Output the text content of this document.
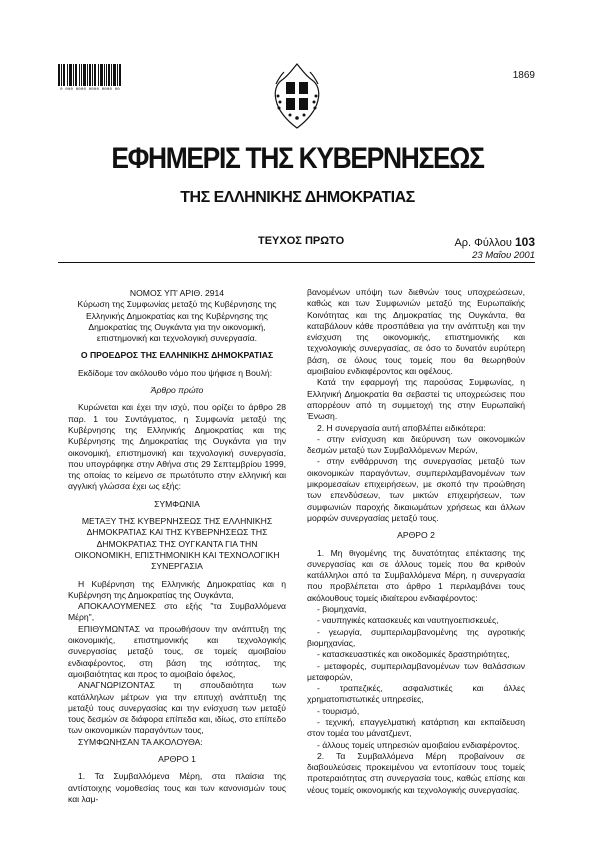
0 000 0000 0000 0000 00
1869
ΕΦΗΜΕΡΙΣ ΤΗΣ ΚΥΒΕΡΝΗΣΕΩΣ
ΤΗΣ ΕΛΛΗΝΙΚΗΣ ΔΗΜΟΚΡΑΤΙΑΣ
ΤΕΥΧΟΣ ΠΡΩΤΟ	Αρ. Φύλλου 103
23 Μαΐου 2001

ΝΟΜΟΣ ΥΠ' ΑΡΙΘ. 2914

Κύρωση της Συμφωνίας μεταξύ της Κυβέρνησης της Ελληνικής Δημοκρατίας και της Κυβέρνησης της Δημοκρατίας της Ουγκάντα για την οικονομική, επιστημονική και τεχνολογική συνεργασία.

Ο ΠΡΟΕΔΡΟΣ ΤΗΣ ΕΛΛΗΝΙΚΗΣ ΔΗΜΟΚΡΑΤΙΑΣ

Εκδίδομε τον ακόλουθο νόμο που ψήφισε η Βουλή:

Άρθρο πρώτο

Κυρώνεται και έχει την ισχύ, που ορίζει το άρθρο 28 παρ. 1 του Συντάγματος, η Συμφωνία μεταξύ της Κυβέρνησης της Ελληνικής Δημοκρατίας και της Κυβέρνησης της Δημοκρατίας της Ουγκάντα για την οικονομική, επιστημονική και τεχνολογική συνεργασία, που υπογράφηκε στην Αθήνα στις 29 Σεπτεμβρίου 1999, της οποίας το κείμενο σε πρωτότυπο στην ελληνική και αγγλική γλώσσα έχει ως εξής:

ΣΥΜΦΩΝΙΑ

ΜΕΤΑΞΥ ΤΗΣ ΚΥΒΕΡΝΗΣΕΩΣ ΤΗΣ ΕΛΛΗΝΙΚΗΣ ΔΗΜΟΚΡΑΤΙΑΣ ΚΑΙ ΤΗΣ ΚΥΒΕΡΝΗΣΕΩΣ ΤΗΣ ΔΗΜΟΚΡΑΤΙΑΣ ΤΗΣ ΟΥΓΚΑΝΤΑ ΓΙΑ ΤΗΝ ΟΙΚΟΝΟΜΙΚΗ, ΕΠΙΣΤΗΜΟΝΙΚΗ ΚΑΙ ΤΕΧΝΟΛΟΓΙΚΗ ΣΥΝΕΡΓΑΣΙΑ

Η Κυβέρνηση της Ελληνικής Δημοκρατίας και η Κυβέρνηση της Δημοκρατίας της Ουγκάντα,

ΑΠΟΚΑΛΟΥΜΕΝΕΣ στο εξής "τα Συμβαλλόμενα Μέρη",

ΕΠΙΘΥΜΩΝΤΑΣ να προωθήσουν την ανάπτυξη της οικονομικής, επιστημονικής και τεχνολογικής συνεργασίας μεταξύ τους, σε τομείς αμοιβαίου ενδιαφέροντος, στη βάση της ισότητας, της αμοιβαιότητας και προς το αμοιβαίο όφελος,

ΑΝΑΓΝΩΡΙΖΟΝΤΑΣ τη σπουδαιότητα των κατάλληλων μέτρων για την επιτυχή ανάπτυξη της μεταξύ τους συνεργασίας και την ενίσχυση των μεταξύ τους δεσμών σε διάφορα επίπεδα και, ιδίως, στο επίπεδο των οικονομικών παραγόντων τους,

ΣΥΜΦΩΝΗΣΑΝ ΤΑ ΑΚΟΛΟΥΘΑ:

ΑΡΘΡΟ 1

1. Τα Συμβαλλόμενα Μέρη, στα πλαίσια της αντίστοιχης νομοθεσίας τους και των κανονισμών τους και λαμ-

βανομένων υπόψη των διεθνών τους υποχρεώσεων, καθώς και των Συμφωνιών μεταξύ της Ευρωπαϊκής Κοινότητας και της Δημοκρατίας της Ουγκάντα, θα καταβάλουν κάθε προσπάθεια για την ανάπτυξη και την ενίσχυση της οικονομικής, επιστημονικής και τεχνολογικής συνεργασίας, σε όσο το δυνατόν ευρύτερη βάση, σε όλους τους τομείς που θα θεωρηθούν αμοιβαίου ενδιαφέροντος και οφέλους.

Κατά την εφαρμογή της παρούσας Συμφωνίας, η Ελληνική Δημοκρατία θα σεβαστεί τις υποχρεώσεις που απορρέουν από τη συμμετοχή της στην Ευρωπαϊκή Ένωση.

2. Η συνεργασία αυτή αποβλέπει ειδικότερα:

- στην ενίσχυση και διεύρυνση των οικονομικών δεσμών μεταξύ των Συμβαλλόμενων Μερών,

- στην ενθάρρυνση της συνεργασίας μεταξύ των οικονομικών παραγόντων, συμπεριλαμβανομένων των μικρομεσαίων επιχειρήσεων, με σκοπό την προώθηση των επενδύσεων, των μικτών επιχειρήσεων, των συμφωνιών παροχής δικαιωμάτων χρήσεως και άλλων μορφών συνεργασίας μεταξύ τους.

ΑΡΘΡΟ 2

1. Μη θιγομένης της δυνατότητας επέκτασης της συνεργασίας και σε άλλους τομείς που θα κριθούν κατάλληλοι από τα Συμβαλλόμενα Μέρη, η συνεργασία που προβλέπεται στο άρθρο 1 περιλαμβάνει τους ακόλουθους τομείς ιδιαίτερου ενδιαφέροντος:

- βιομηχανία,

- ναυπηγικές κατασκευές και ναυτηγοεπισκευές,

- γεωργία, συμπεριλαμβανομένης της αγροτικής βιομηχανίας,

- κατασκευαστικές και οικοδομικές δραστηριότητες,

- μεταφορές, συμπεριλαμβανομένων των θαλάσσιων μεταφορών,

- τραπεζικές, ασφαλιστικές και άλλες χρηματοπιστωτικές υπηρεσίες,

- τουρισμό,

- τεχνική, επαγγελματική κατάρτιση και εκπαίδευση στον τομέα του μάνατζμεντ,

- άλλους τομείς υπηρεσιών αμοιβαίου ενδιαφέροντος.

2. Τα Συμβαλλόμενα Μέρη προβαίνουν σε διαβουλεύσεις προκειμένου να εντοπίσουν τους τομείς προτεραιότητας στη συνεργασία τους, καθώς επίσης και νέους τομείς οικονομικής και τεχνολογικής συνεργασίας.
